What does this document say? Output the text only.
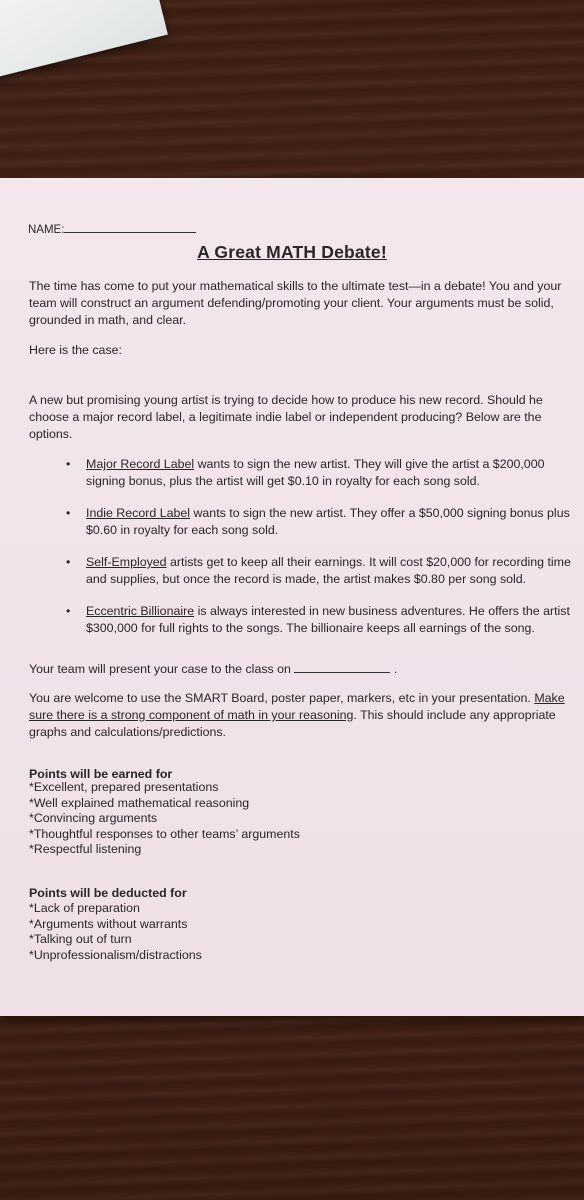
NAME:
A Great MATH Debate!
The time has come to put your mathematical skills to the ultimate test—in a debate! You and your team will construct an argument defending/promoting your client. Your arguments must be solid, grounded in math, and clear.
Here is the case:
A new but promising young artist is trying to decide how to produce his new record. Should he choose a major record label, a legitimate indie label or independent producing? Below are the options.
• Major Record Label wants to sign the new artist. They will give the artist a $200,000 signing bonus, plus the artist will get $0.10 in royalty for each song sold.
• Indie Record Label wants to sign the new artist. They offer a $50,000 signing bonus plus $0.60 in royalty for each song sold.
• Self-Employed artists get to keep all their earnings. It will cost $20,000 for recording time and supplies, but once the record is made, the artist makes $0.80 per song sold.
• Eccentric Billionaire is always interested in new business adventures. He offers the artist $300,000 for full rights to the songs. The billionaire keeps all earnings of the song.
Your team will present your case to the class on	.
You are welcome to use the SMART Board, poster paper, markers, etc in your presentation. Make sure there is a strong component of math in your reasoning. This should include any appropriate graphs and calculations/predictions.
Points will be earned for
*Excellent, prepared presentations
*Well explained mathematical reasoning
*Convincing arguments
*Thoughtful responses to other teams’ arguments
*Respectful listening
Points will be deducted for
*Lack of preparation
*Arguments without warrants
*Talking out of turn
*Unprofessionalism/distractions
